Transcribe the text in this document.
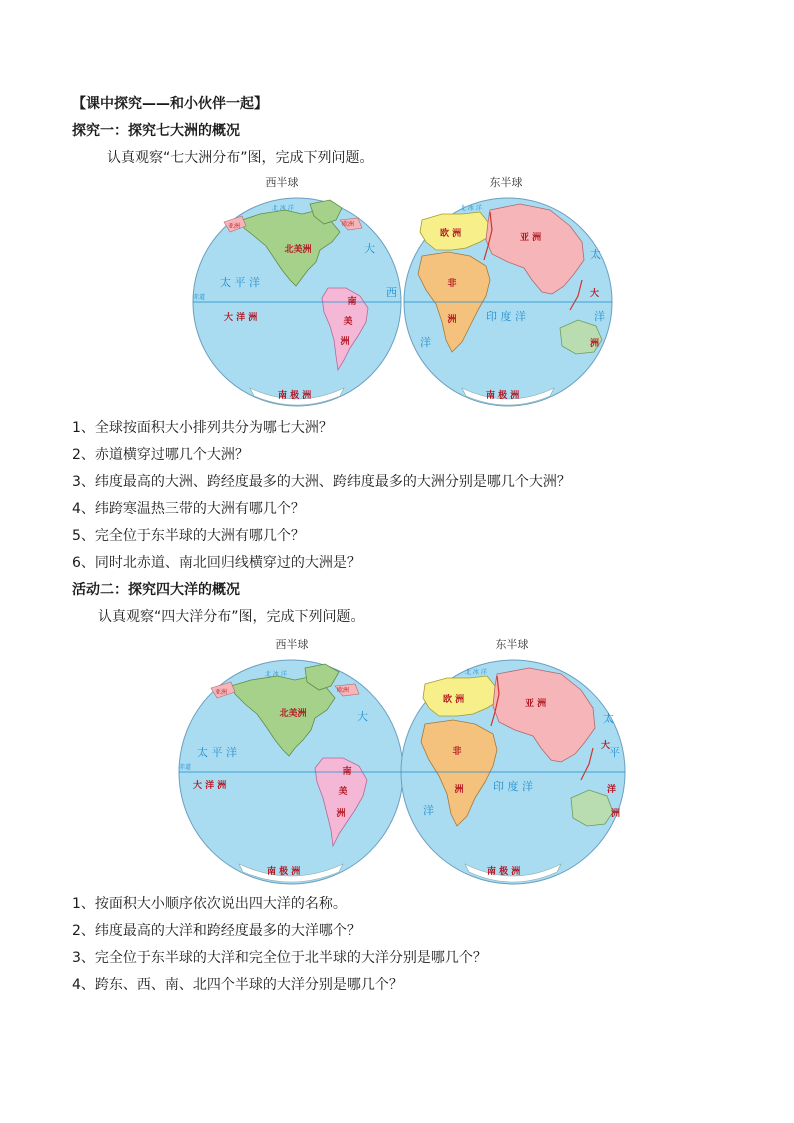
【课中探究——和小伙伴一起】
探究一：探究七大洲的概况
认真观察“七大洲分布”图，完成下列问题。
西半球	东半球
赤道
北 冰 洋
亚洲	欧洲
北美洲
南
美
洲
大 洋 洲
南 极 洲
太 平 洋
大
西
北 冰 洋
欧 洲	亚 洲
非
洲	印 度 洋
洋
太
大
洋
洲
南 极 洲
1、全球按面积大小排列共分为哪七大洲？
2、赤道横穿过哪几个大洲？
3、纬度最高的大洲、跨经度最多的大洲、跨纬度最多的大洲分别是哪几个大洲？
4、纬跨寒温热三带的大洲有哪几个？
5、完全位于东半球的大洲有哪几个？
6、同时北赤道、南北回归线横穿过的大洲是？
活动二：探究四大洋的概况
认真观察“四大洋分布”图，完成下列问题。
西半球	东半球
赤道
北 冰 洋
亚洲	欧洲
北美洲
南
美
洲
大 洋 洲
南 极 洲
太 平 洋
大
北 冰 洋
欧 洲	亚 洲
非
洲	印 度 洋
洋
太
大
平
洋
洲
南 极 洲
1、按面积大小顺序依次说出四大洋的名称。
2、纬度最高的大洋和跨经度最多的大洋哪个？
3、完全位于东半球的大洋和完全位于北半球的大洋分别是哪几个？
4、跨东、西、南、北四个半球的大洋分别是哪几个？
